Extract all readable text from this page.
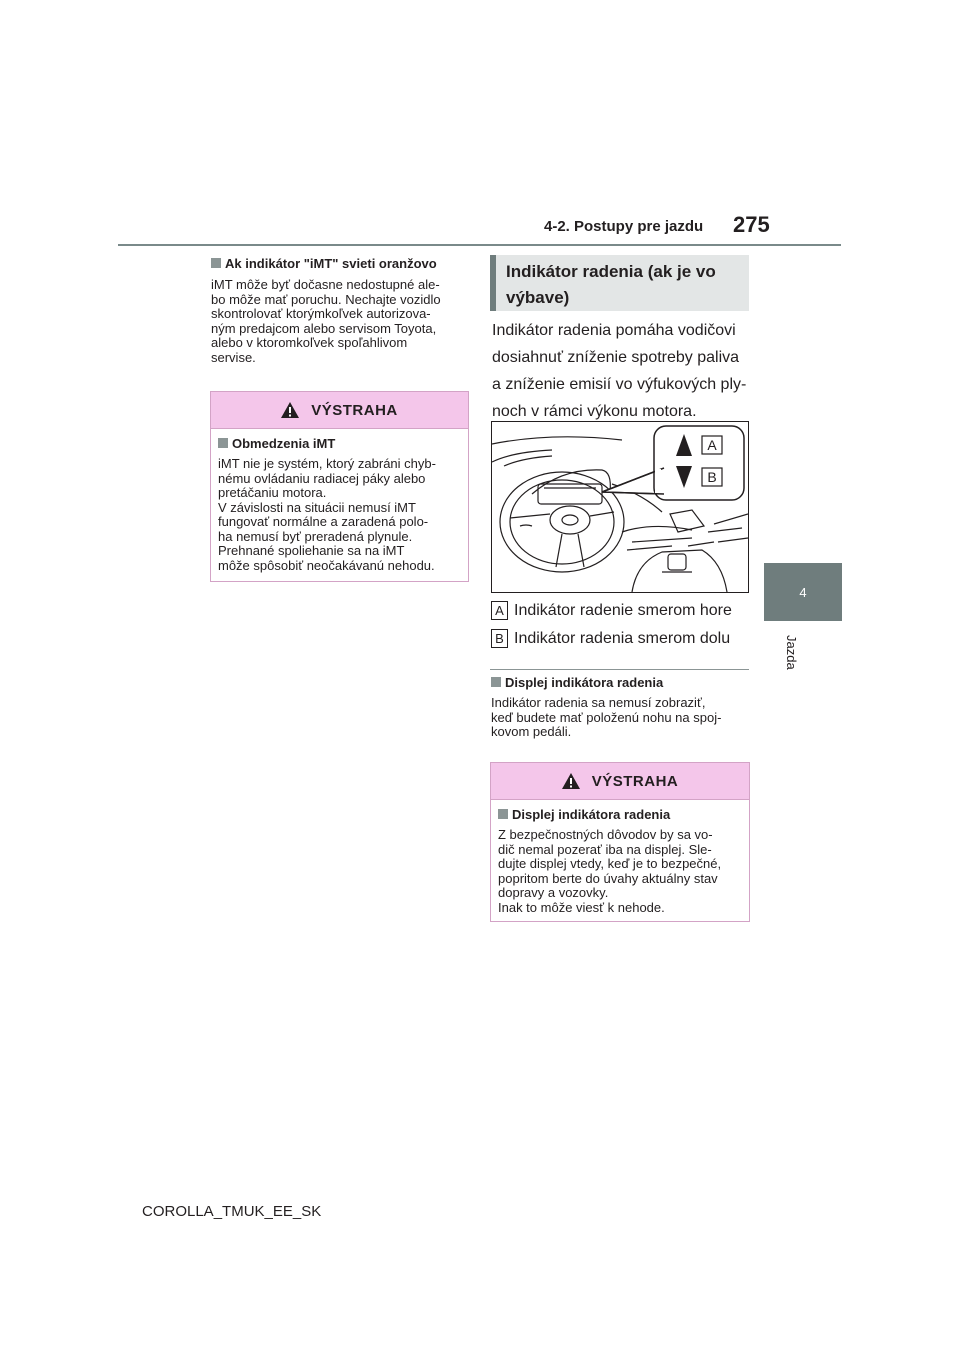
4-2. Postupy pre jazdu 275
4
Jazda
Ak indikátor "iMT" svieti oranžovo
iMT môže byť dočasne nedostupné ale-
bo môže mať poruchu. Nechajte vozidlo
skontrolovať ktorýmkoľvek autorizova-
ným predajcom alebo servisom Toyota,
alebo v ktoromkoľvek spoľahlivom
servise.
VÝSTRAHA
Obmedzenia iMT
iMT nie je systém, ktorý zabráni chyb-
nému ovládaniu radiacej páky alebo
pretáčaniu motora.
V závislosti na situácii nemusí iMT
fungovať normálne a zaradená polo-
ha nemusí byť preradená plynule.
Prehnané spoliehanie sa na iMT
môže spôsobiť neočakávanú nehodu.
Indikátor radenia (ak je vo
výbave)
Indikátor radenia pomáha vodičovi
dosiahnuť zníženie spotreby paliva
a zníženie emisií vo výfukových ply-
noch v rámci výkonu motora.
A
B
A Indikátor radenie smerom hore
B Indikátor radenia smerom dolu
Displej indikátora radenia
Indikátor radenia sa nemusí zobraziť,
keď budete mať položenú nohu na spoj-
kovom pedáli.
VÝSTRAHA
Displej indikátora radenia
Z bezpečnostných dôvodov by sa vo-
dič nemal pozerať iba na displej. Sle-
dujte displej vtedy, keď je to bezpečné,
popritom berte do úvahy aktuálny stav
dopravy a vozovky.
Inak to môže viesť k nehode.
COROLLA_TMUK_EE_SK
